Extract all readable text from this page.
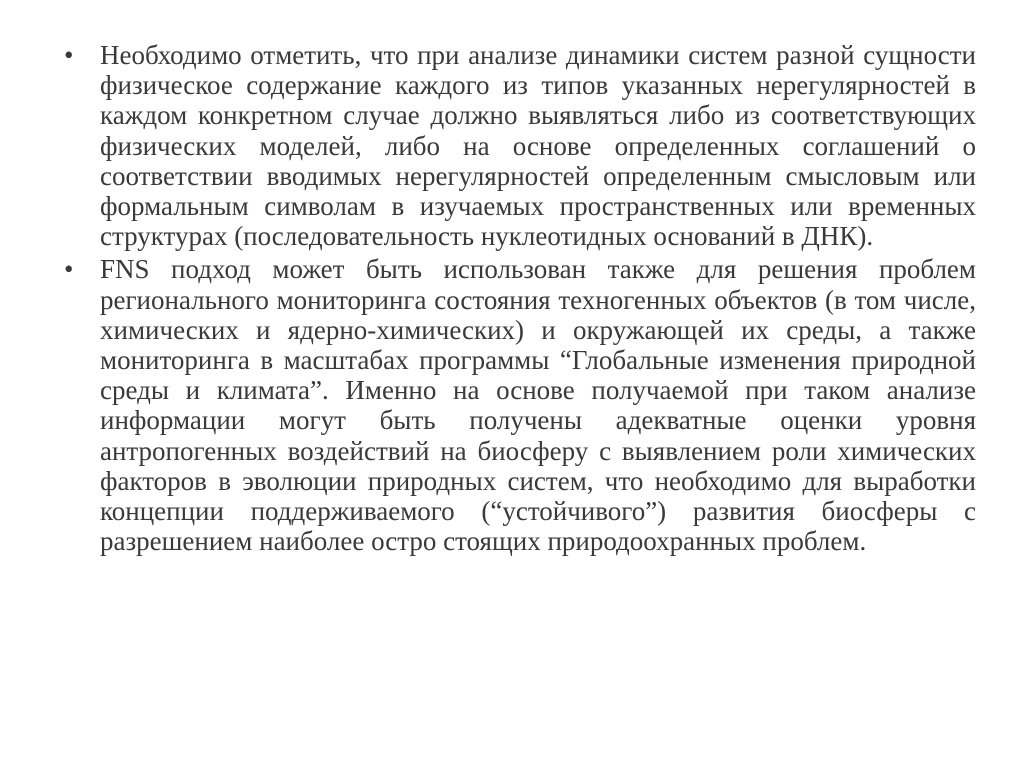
• Необходимо отметить, что при анализе динамики систем разной сущности физическое содержание каждого из типов указанных нерегулярностей в каждом конкретном случае должно выявляться либо из соответствующих физических моделей, либо на основе определенных соглашений о соответствии вводимых нерегулярностей определенным смысловым или формальным символам в изучаемых пространственных или временных структурах (последовательность нуклеотидных оснований в ДНК).
• FNS подход может быть использован также для решения проблем регионального мониторинга состояния техногенных объектов (в том числе, химических и ядерно-химических) и окружающей их среды, а также мониторинга в масштабах программы “Глобальные изменения природной среды и климата”. Именно на основе получаемой при таком анализе информации могут быть получены адекватные оценки уровня антропогенных воздействий на биосферу с выявлением роли химических факторов в эволюции природных систем, что необходимо для выработки концепции поддерживаемого (“устойчивого”) развития биосферы с разрешением наиболее остро стоящих природоохранных проблем.
